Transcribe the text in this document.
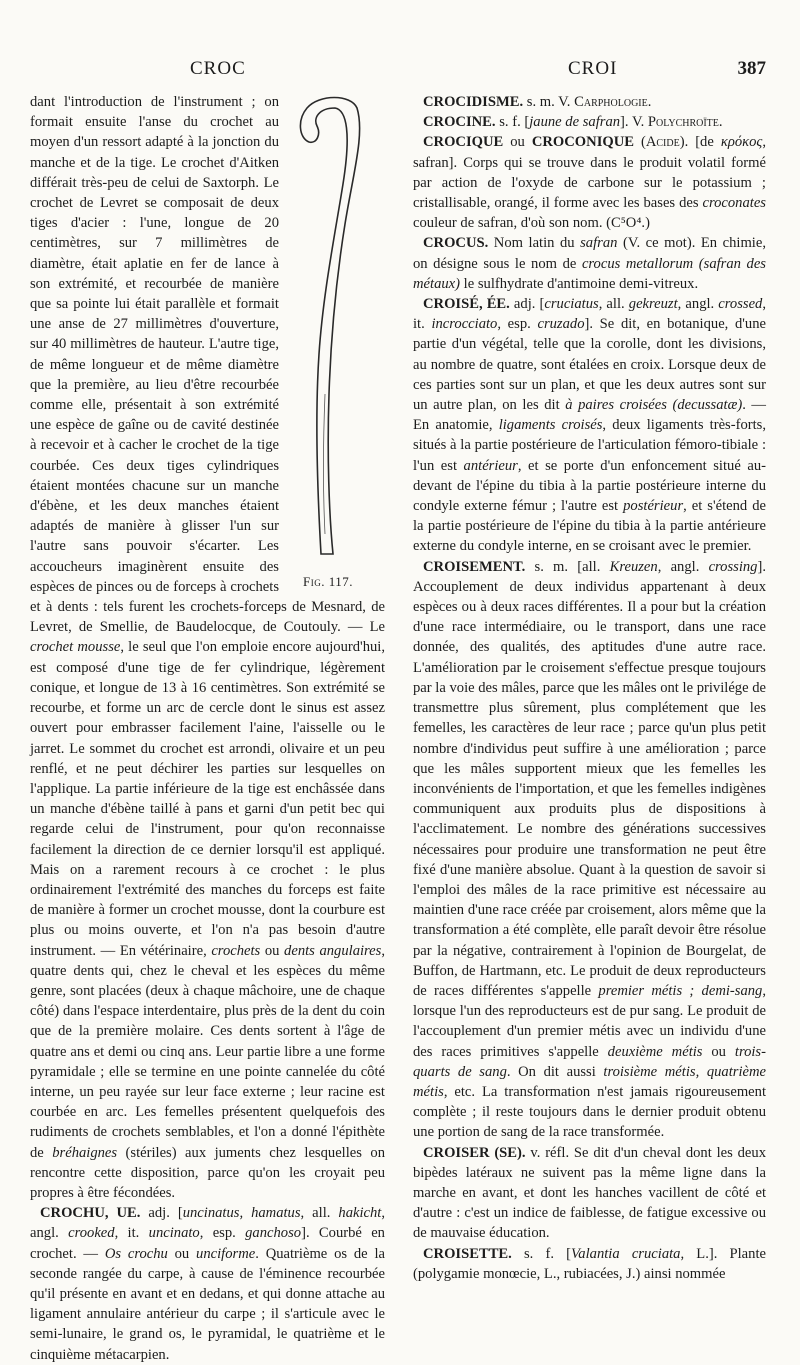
CROC	CROI	387

Fig. 117.
dant l'introduction de l'instrument ; on formait ensuite l'anse du crochet au moyen d'un ressort adapté à la jonction du manche et de la tige. Le crochet d'Aitken différait très-peu de celui de Saxtorph. Le crochet de Levret se composait de deux tiges d'acier : l'une, longue de 20 centimètres, sur 7 millimètres de diamètre, était aplatie en fer de lance à son extrémité, et recourbée de manière que sa pointe lui était parallèle et formait une anse de 27 millimètres d'ouverture, sur 40 millimètres de hauteur. L'autre tige, de même longueur et de même diamètre que la première, au lieu d'être recourbée comme elle, présentait à son extrémité une espèce de gaîne ou de cavité destinée à recevoir et à cacher le crochet de la tige courbée. Ces deux tiges cylindriques étaient montées chacune sur un manche d'ébène, et les deux manches étaient adaptés de manière à glisser l'un sur l'autre sans pouvoir s'écarter. Les accoucheurs imaginèrent ensuite des espèces de pinces ou de forceps à crochets et à dents : tels furent les crochets-forceps de Mesnard, de Levret, de Smellie, de Baudelocque, de Coutouly. — Le crochet mousse, le seul que l'on emploie encore aujourd'hui, est composé d'une tige de fer cylindrique, légèrement conique, et longue de 13 à 16 centimètres. Son extrémité se recourbe, et forme un arc de cercle dont le sinus est assez ouvert pour embrasser facilement l'aine, l'aisselle ou le jarret. Le sommet du crochet est arrondi, olivaire et un peu renflé, et ne peut déchirer les parties sur lesquelles on l'applique. La partie inférieure de la tige est enchâssée dans un manche d'ébène taillé à pans et garni d'un petit bec qui regarde celui de l'instrument, pour qu'on reconnaisse facilement la direction de ce dernier lorsqu'il est appliqué. Mais on a rarement recours à ce crochet : le plus ordinairement l'extrémité des manches du forceps est faite de manière à former un crochet mousse, dont la courbure est plus ou moins ouverte, et l'on n'a pas besoin d'autre instrument. — En vétérinaire, crochets ou dents angulaires, quatre dents qui, chez le cheval et les espèces du même genre, sont placées (deux à chaque mâchoire, une de chaque côté) dans l'espace interdentaire, plus près de la dent du coin que de la première molaire. Ces dents sortent à l'âge de quatre ans et demi ou cinq ans. Leur partie libre a une forme pyramidale ; elle se termine en une pointe cannelée du côté interne, un peu rayée sur leur face externe ; leur racine est courbée en arc. Les femelles présentent quelquefois des rudiments de crochets semblables, et l'on a donné l'épithète de bréhaignes (stériles) aux juments chez lesquelles on rencontre cette disposition, parce qu'on les croyait peu propres à être fécondées.

CROCHU, UE. adj. [uncinatus, hamatus, all. hakicht, angl. crooked, it. uncinato, esp. ganchoso]. Courbé en crochet. — Os crochu ou unciforme. Quatrième os de la seconde rangée du carpe, à cause de l'éminence recourbée qu'il présente en avant et en dedans, et qui donne attache au ligament annulaire antérieur du carpe ; il s'articule avec le semi-lunaire, le grand os, le pyramidal, le quatrième et le cinquième métacarpien.

CROCIDISME. s. m. V. Carphologie.

CROCINE. s. f. [jaune de safran]. V. Polychroïte.

CROCIQUE ou CROCONIQUE (Acide). [de κρόκος, safran]. Corps qui se trouve dans le produit volatil formé par action de l'oxyde de carbone sur le potassium ; cristallisable, orangé, il forme avec les bases des croconates couleur de safran, d'où son nom. (C⁵O⁴.)

CROCUS. Nom latin du safran (V. ce mot). En chimie, on désigne sous le nom de crocus metallorum (safran des métaux) le sulfhydrate d'antimoine demi-vitreux.

CROISÉ, ÉE. adj. [cruciatus, all. gekreuzt, angl. crossed, it. incrocciato, esp. cruzado]. Se dit, en botanique, d'une partie d'un végétal, telle que la corolle, dont les divisions, au nombre de quatre, sont étalées en croix. Lorsque deux de ces parties sont sur un plan, et que les deux autres sont sur un autre plan, on les dit à paires croisées (decussatæ). — En anatomie, ligaments croisés, deux ligaments très-forts, situés à la partie postérieure de l'articulation fémoro-tibiale : l'un est antérieur, et se porte d'un enfoncement situé au-devant de l'épine du tibia à la partie postérieure interne du condyle externe fémur ; l'autre est postérieur, et s'étend de la partie postérieure de l'épine du tibia à la partie antérieure externe du condyle interne, en se croisant avec le premier.

CROISEMENT. s. m. [all. Kreuzen, angl. crossing]. Accouplement de deux individus appartenant à deux espèces ou à deux races différentes. Il a pour but la création d'une race intermédiaire, ou le transport, dans une race donnée, des qualités, des aptitudes d'une autre race. L'amélioration par le croisement s'effectue presque toujours par la voie des mâles, parce que les mâles ont le privilége de transmettre plus sûrement, plus complétement que les femelles, les caractères de leur race ; parce qu'un plus petit nombre d'individus peut suffire à une amélioration ; parce que les mâles supportent mieux que les femelles les inconvénients de l'importation, et que les femelles indigènes communiquent aux produits plus de dispositions à l'acclimatement. Le nombre des générations successives nécessaires pour produire une transformation ne peut être fixé d'une manière absolue. Quant à la question de savoir si l'emploi des mâles de la race primitive est nécessaire au maintien d'une race créée par croisement, alors même que la transformation a été complète, elle paraît devoir être résolue par la négative, contrairement à l'opinion de Bourgelat, de Buffon, de Hartmann, etc. Le produit de deux reproducteurs de races différentes s'appelle premier métis ; demi-sang, lorsque l'un des reproducteurs est de pur sang. Le produit de l'accouplement d'un premier métis avec un individu d'une des races primitives s'appelle deuxième métis ou trois-quarts de sang. On dit aussi troisième métis, quatrième métis, etc. La transformation n'est jamais rigoureusement complète ; il reste toujours dans le dernier produit obtenu une portion de sang de la race transformée.

CROISER (SE). v. réfl. Se dit d'un cheval dont les deux bipèdes latéraux ne suivent pas la même ligne dans la marche en avant, et dont les hanches vacillent de côté et d'autre : c'est un indice de faiblesse, de fatigue excessive ou de mauvaise éducation.

CROISETTE. s. f. [Valantia cruciata, L.]. Plante (polygamie monœcie, L., rubiacées, J.) ainsi nommée
